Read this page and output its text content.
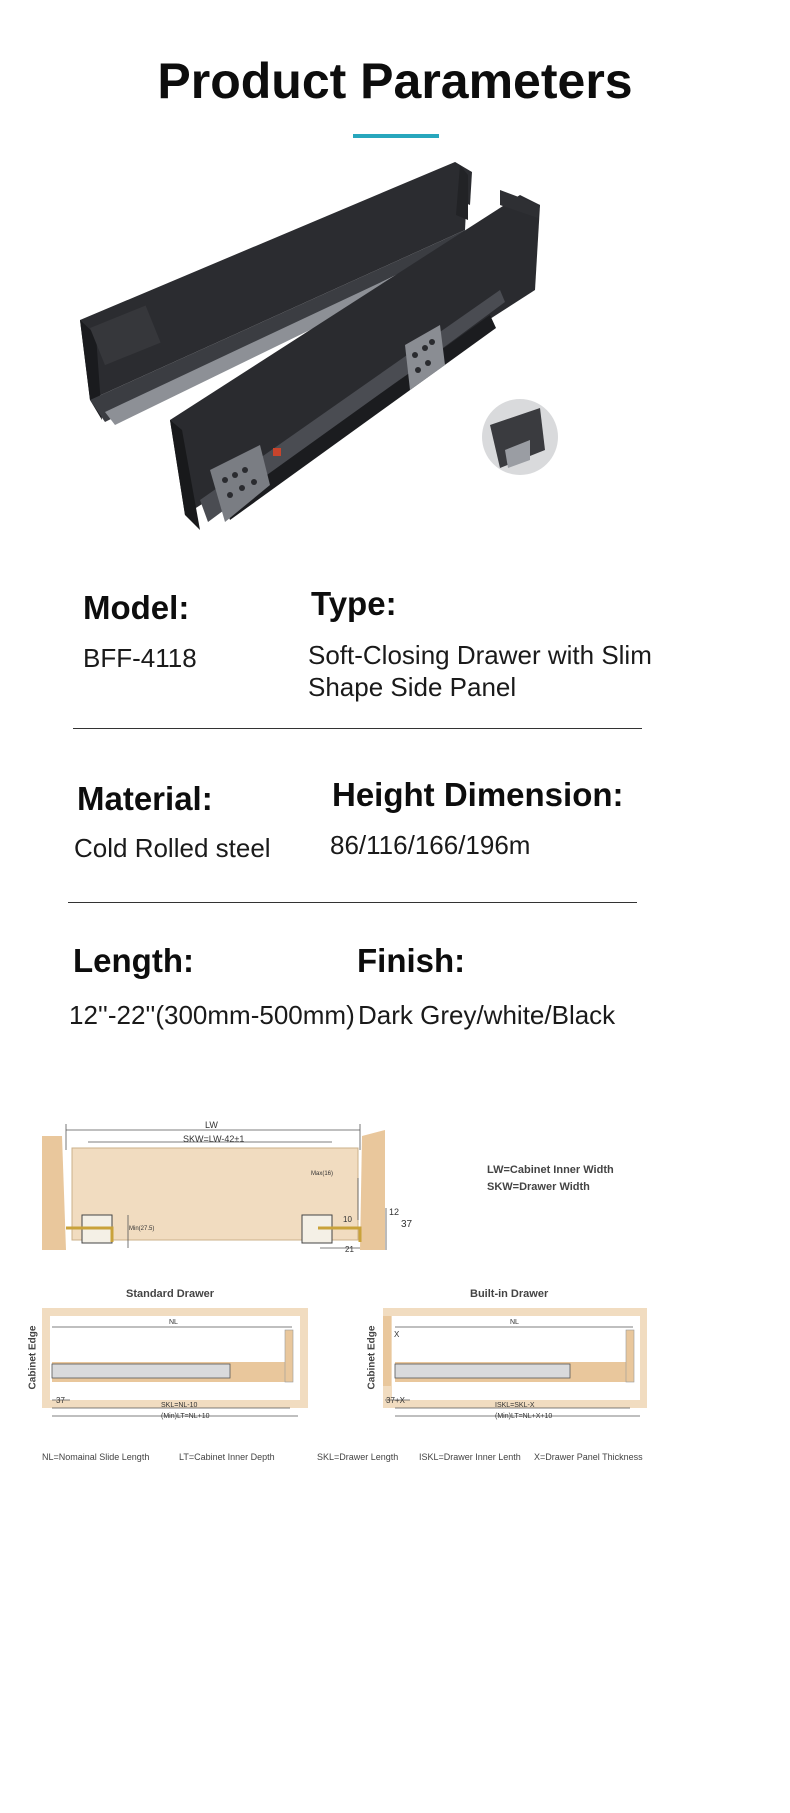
Product Parameters
Model:
BFF-4118
Type:
Soft-Closing Drawer with Slim
Shape Side Panel
Material:
Cold Rolled steel
Height Dimension:
86/116/166/196m
Length:
12''-22''(300mm-500mm)
Finish:
Dark Grey/white/Black
LW
SKW=LW-42±1
Max(16)
Min(27.5)
12
10	37
21
LW=Cabinet Inner Width
SKW=Drawer Width
Standard Drawer	Built-in Drawer
Cabinet Edge	Cabinet Edge
NL
37
SKL=NL-10
(Min)LT=NL+10
NL
X
37+X
ISKL=SKL-X
(Min)LT=NL+X+10
NL=Nomainal Slide Length	LT=Cabinet Inner Depth	SKL=Drawer Length ISKL=Drawer Inner Lenth X=Drawer Panel Thickness
